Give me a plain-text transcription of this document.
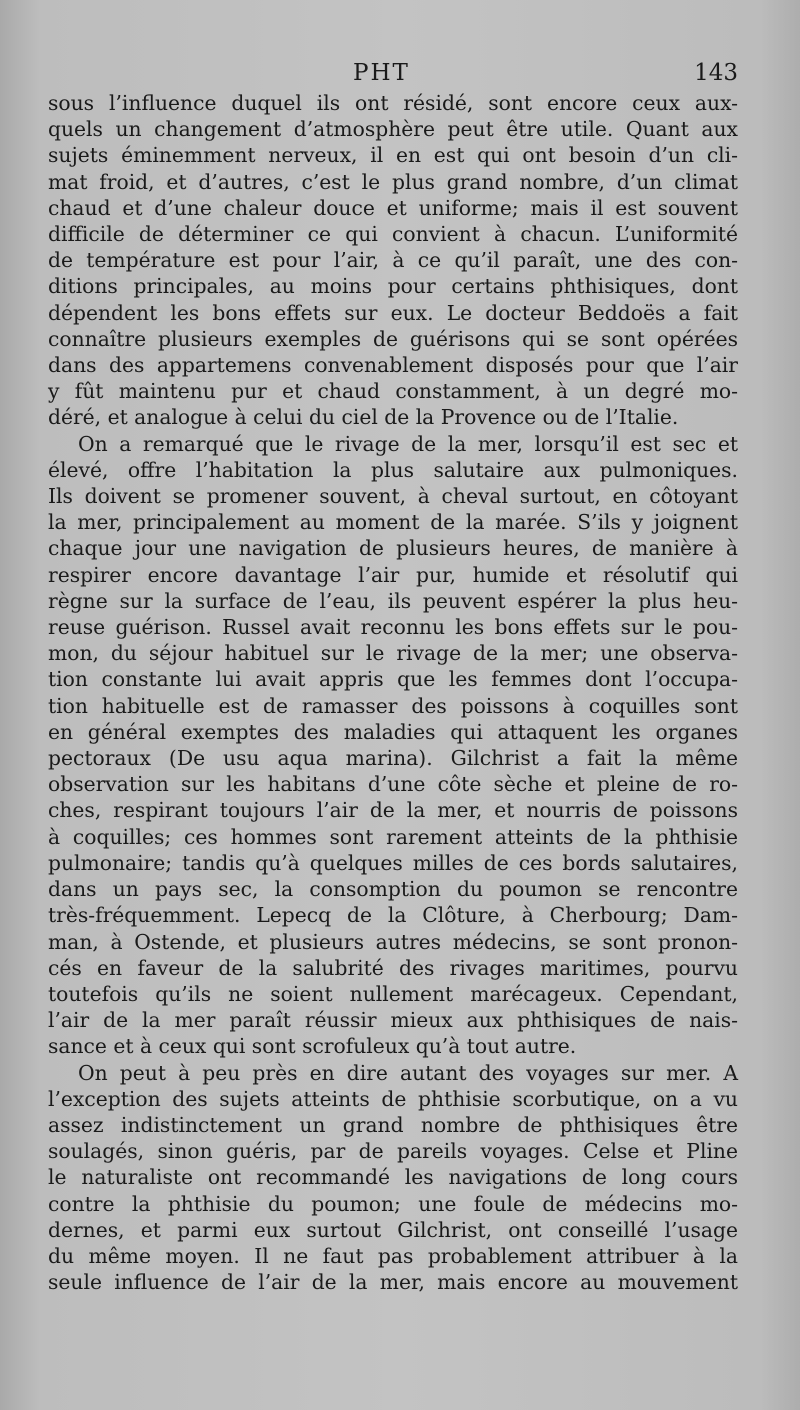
PHT	143
sous l’influence duquel ils ont résidé, sont encore ceux aux-
quels un changement d’atmosphère peut être utile. Quant aux
sujets éminemment nerveux, il en est qui ont besoin d’un cli-
mat froid, et d’autres, c’est le plus grand nombre, d’un climat
chaud et d’une chaleur douce et uniforme; mais il est souvent
difficile de déterminer ce qui convient à chacun. L’uniformité
de température est pour l’air, à ce qu’il paraît, une des con-
ditions principales, au moins pour certains phthisiques, dont
dépendent les bons effets sur eux. Le docteur Beddoës a fait
connaître plusieurs exemples de guérisons qui se sont opérées
dans des appartemens convenablement disposés pour que l’air
y fût maintenu pur et chaud constamment, à un degré mo-
déré, et analogue à celui du ciel de la Provence ou de l’Italie.
On a remarqué que le rivage de la mer, lorsqu’il est sec et
élevé, offre l’habitation la plus salutaire aux pulmoniques.
Ils doivent se promener souvent, à cheval surtout, en côtoyant
la mer, principalement au moment de la marée. S’ils y joignent
chaque jour une navigation de plusieurs heures, de manière à
respirer encore davantage l’air pur, humide et résolutif qui
règne sur la surface de l’eau, ils peuvent espérer la plus heu-
reuse guérison. Russel avait reconnu les bons effets sur le pou-
mon, du séjour habituel sur le rivage de la mer; une observa-
tion constante lui avait appris que les femmes dont l’occupa-
tion habituelle est de ramasser des poissons à coquilles sont
en général exemptes des maladies qui attaquent les organes
pectoraux (De usu aqua marina). Gilchrist a fait la même
observation sur les habitans d’une côte sèche et pleine de ro-
ches, respirant toujours l’air de la mer, et nourris de poissons
à coquilles; ces hommes sont rarement atteints de la phthisie
pulmonaire; tandis qu’à quelques milles de ces bords salutaires,
dans un pays sec, la consomption du poumon se rencontre
très-fréquemment. Lepecq de la Clôture, à Cherbourg; Dam-
man, à Ostende, et plusieurs autres médecins, se sont pronon-
cés en faveur de la salubrité des rivages maritimes, pourvu
toutefois qu’ils ne soient nullement marécageux. Cependant,
l’air de la mer paraît réussir mieux aux phthisiques de nais-
sance et à ceux qui sont scrofuleux qu’à tout autre.
On peut à peu près en dire autant des voyages sur mer. A
l’exception des sujets atteints de phthisie scorbutique, on a vu
assez indistinctement un grand nombre de phthisiques être
soulagés, sinon guéris, par de pareils voyages. Celse et Pline
le naturaliste ont recommandé les navigations de long cours
contre la phthisie du poumon; une foule de médecins mo-
dernes, et parmi eux surtout Gilchrist, ont conseillé l’usage
du même moyen. Il ne faut pas probablement attribuer à la
seule influence de l’air de la mer, mais encore au mouvement
